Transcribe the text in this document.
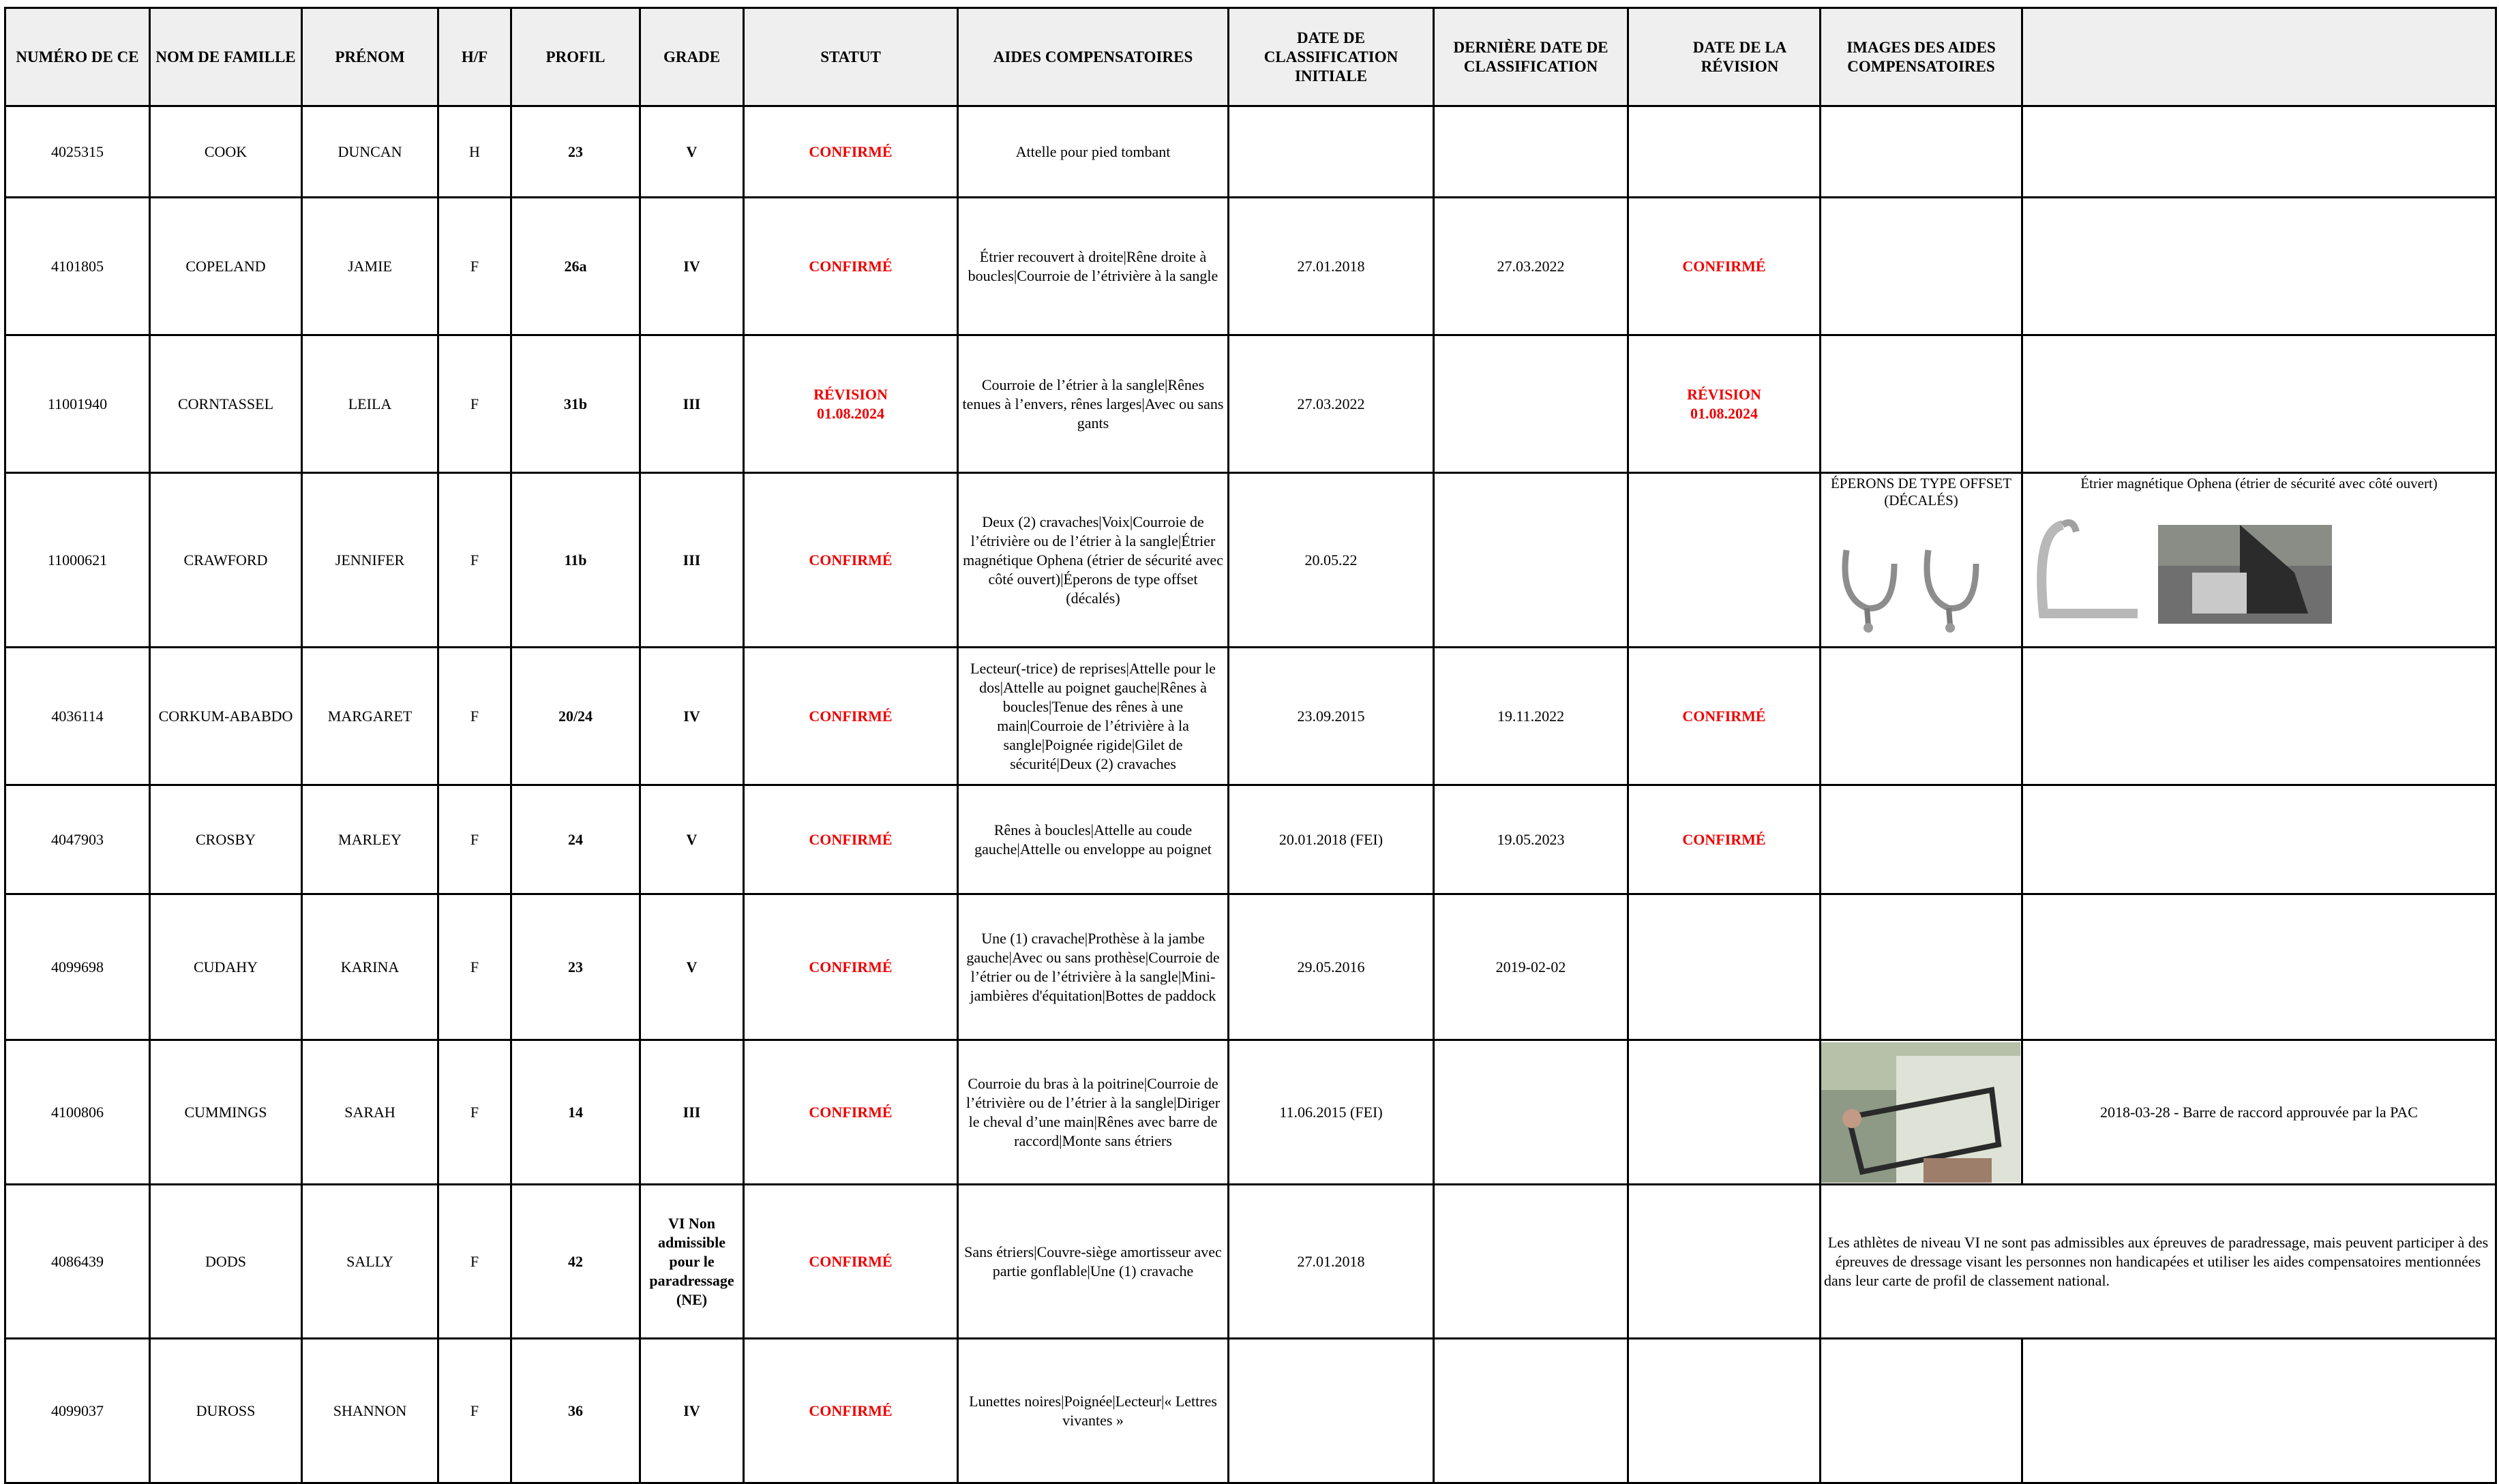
NUMÉRO DE CE	NOM DE FAMILLE	PRÉNOM	H/F	PROFIL	GRADE	STATUT	AIDES COMPENSATOIRES	DATE DE CLASSIFICATION INITIALE	DERNIÈRE DATE DE CLASSIFICATION	DATE DE LA RÉVISION	IMAGES DES AIDES COMPENSATOIRES	
4025315	COOK	DUNCAN	H	23	V	CONFIRMÉ	Attelle pour pied tombant					
4101805	COPELAND	JAMIE	F	26a	IV	CONFIRMÉ	Étrier recouvert à droite|Rêne droite à boucles|Courroie de l’étrivière à la sangle	27.01.2018	27.03.2022	CONFIRMÉ		
11001940	CORNTASSEL	LEILA	F	31b	III	RÉVISION 01.08.2024	Courroie de l’étrier à la sangle|Rênes tenues à l’envers, rênes larges|Avec ou sans gants	27.03.2022		RÉVISION 01.08.2024		
11000621	CRAWFORD	JENNIFER	F	11b	III	CONFIRMÉ	Deux (2) cravaches|Voix|Courroie de l’étrivière ou de l’étrier à la sangle|Étrier magnétique Ophena (étrier de sécurité avec côté ouvert)|Éperons de type offset (décalés)	20.05.22			ÉPERONS DE TYPE OFFSET (DÉCALÉS)	Étrier magnétique Ophena (étrier de sécurité avec côté ouvert)

4036114	CORKUM-ABABDO	MARGARET	F	20/24	IV	CONFIRMÉ	Lecteur(-trice) de reprises|Attelle pour le dos|Attelle au poignet gauche|Rênes à boucles|Tenue des rênes à une main|Courroie de l’étrivière à la sangle|Poignée rigide|Gilet de sécurité|Deux (2) cravaches	23.09.2015	19.11.2022	CONFIRMÉ		
4047903	CROSBY	MARLEY	F	24	V	CONFIRMÉ	Rênes à boucles|Attelle au coude gauche|Attelle ou enveloppe au poignet	20.01.2018 (FEI)	19.05.2023	CONFIRMÉ		
4099698	CUDAHY	KARINA	F	23	V	CONFIRMÉ	Une (1) cravache|Prothèse à la jambe gauche|Avec ou sans prothèse|Courroie de l’étrier ou de l’étrivière à la sangle|Mini-jambières d'équitation|Bottes de paddock	29.05.2016	2019-02-02			
4100806	CUMMINGS	SARAH	F	14	III	CONFIRMÉ	Courroie du bras à la poitrine|Courroie de l’étrivière ou de l’étrier à la sangle|Diriger le cheval d’une main|Rênes avec barre de raccord|Monte sans étriers	11.06.2015 (FEI)				2018-03-28 - Barre de raccord approuvée par la PAC
4086439	DODS	SALLY	F	42	VI Non admissible pour le paradressage (NE)	CONFIRMÉ	Sans étriers|Couvre-siège amortisseur avec partie gonflable|Une (1) cravache	27.01.2018			Les athlètes de niveau VI ne sont pas admissibles aux épreuves de paradressage, mais peuvent participer à des épreuves de dressage visant les personnes non handicapées et utiliser les aides compensatoires mentionnées dans leur carte de profil de classement national.	
4099037	DUROSS	SHANNON	F	36	IV	CONFIRMÉ	Lunettes noires|Poignée|Lecteur|« Lettres vivantes »					
